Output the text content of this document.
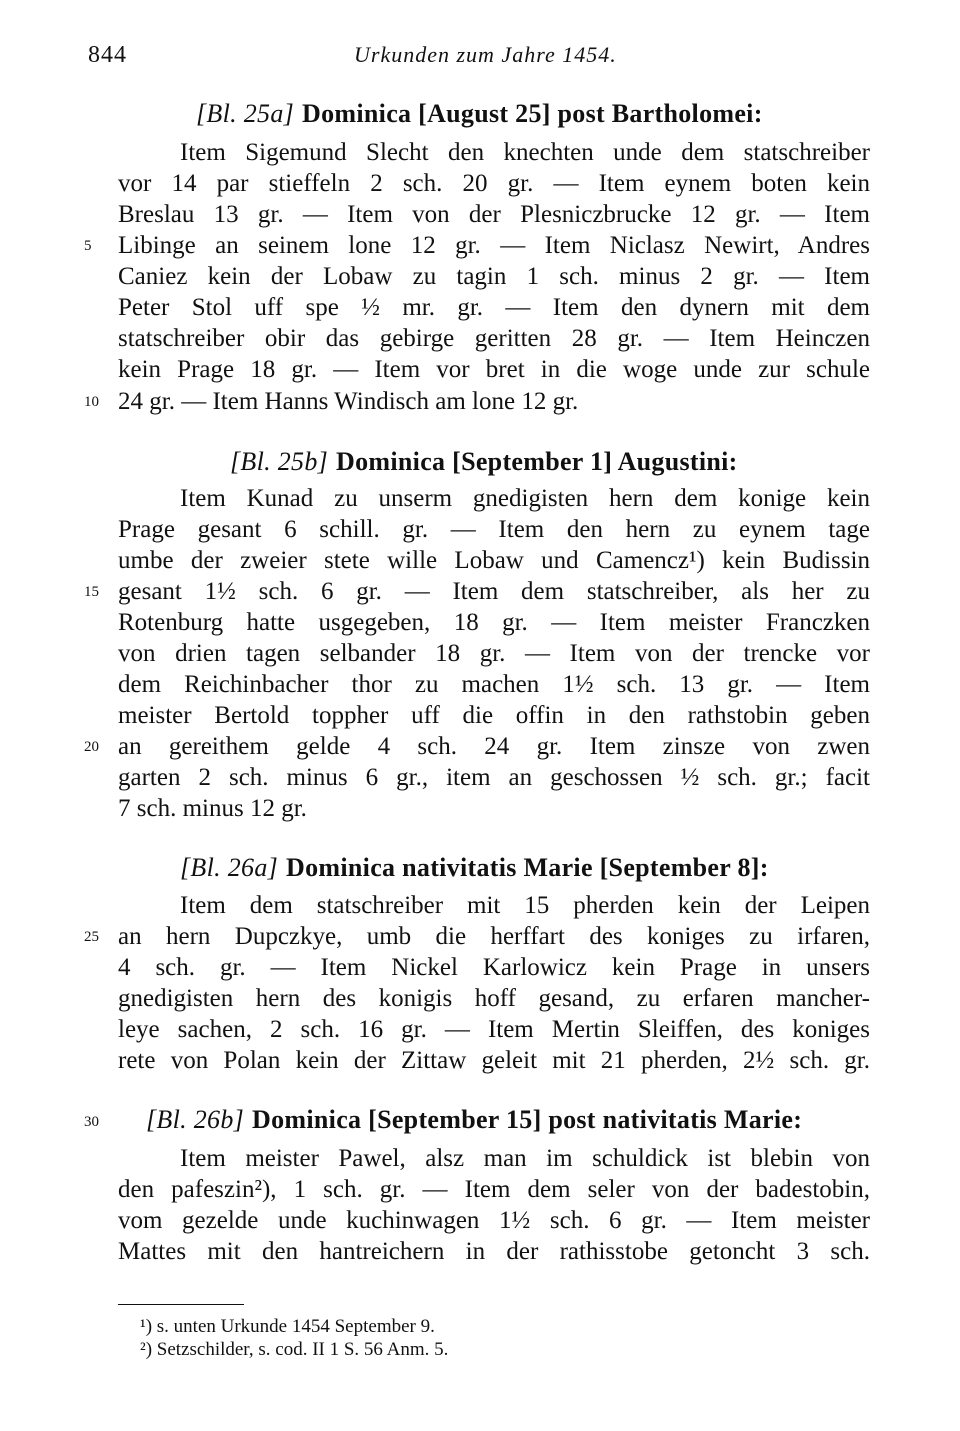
844	Urkunden zum Jahre 1454.
[Bl. 25a] Dominica [August 25] post Bartholomei:
Item Sigemund Slecht den knechten unde dem statschreiber
vor 14 par stieffeln 2 sch. 20 gr. — Item eynem boten kein
Breslau 13 gr. — Item von der Plesniczbrucke 12 gr. — Item
5	Libinge an seinem lone 12 gr. — Item Niclasz Newirt, Andres
Caniez kein der Lobaw zu tagin 1 sch. minus 2 gr. — Item
Peter Stol uff spe ½ mr. gr. — Item den dynern mit dem
statschreiber obir das gebirge geritten 28 gr. — Item Heinczen
kein Prage 18 gr. — Item vor bret in die woge unde zur schule
10 24 gr. — Item Hanns Windisch am lone 12 gr.
[Bl. 25b] Dominica [September 1] Augustini:
Item Kunad zu unserm gnedigisten hern dem konige kein
Prage gesant 6 schill. gr. — Item den hern zu eynem tage
umbe der zweier stete wille Lobaw und Camencz¹) kein Budissin
15 gesant 1½ sch. 6 gr. — Item dem statschreiber, als her zu
Rotenburg hatte usgegeben, 18 gr. — Item meister Franczken
von drien tagen selbander 18 gr. — Item von der trencke vor
dem Reichinbacher thor zu machen 1½ sch. 13 gr. — Item
meister Bertold toppher uff die offin in den rathstobin geben
20 an gereithem gelde 4 sch. 24 gr. Item zinsze von zwen
garten 2 sch. minus 6 gr., item an geschossen ½ sch. gr.; facit
7 sch. minus 12 gr.
[Bl. 26a] Dominica nativitatis Marie [September 8]:
Item dem statschreiber mit 15 pherden kein der Leipen
25 an hern Dupczkye, umb die herffart des koniges zu irfaren,
4 sch. gr. — Item Nickel Karlowicz kein Prage in unsers
gnedigisten hern des konigis hoff gesand, zu erfaren mancher-
leye sachen, 2 sch. 16 gr. — Item Mertin Sleiffen, des koniges
rete von Polan kein der Zittaw geleit mit 21 pherden, 2½ sch. gr.
30	[Bl. 26b] Dominica [September 15] post nativitatis Marie:
Item meister Pawel, alsz man im schuldick ist blebin von
den pafeszin²), 1 sch. gr. — Item dem seler von der badestobin,
vom gezelde unde kuchinwagen 1½ sch. 6 gr. — Item meister
Mattes mit den hantreichern in der rathisstobe getoncht 3 sch.
¹) s. unten Urkunde 1454 September 9.
²) Setzschilder, s. cod. II 1 S. 56 Anm. 5.
